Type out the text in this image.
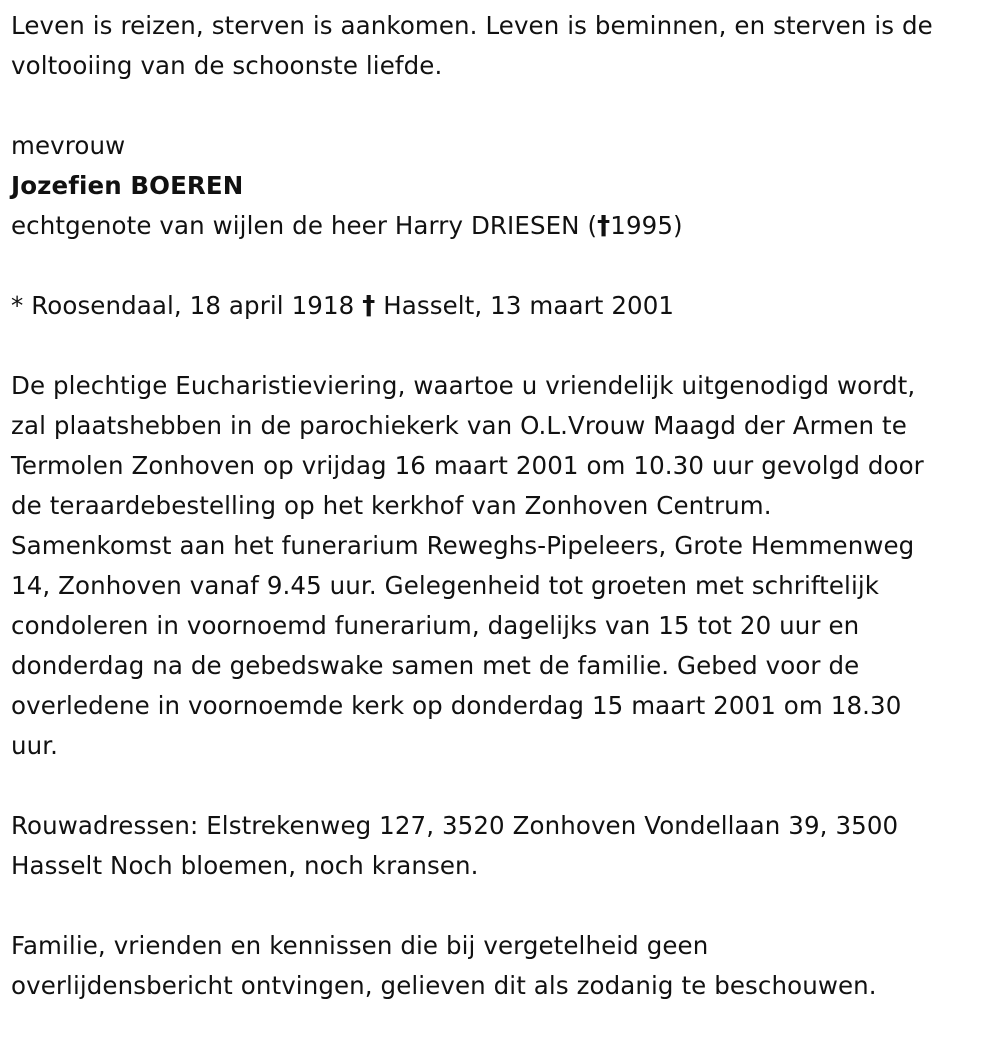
Leven is reizen, sterven is aankomen. Leven is beminnen, en sterven is de
voltooiing van de schoonste liefde.

mevrouw

Jozefien BOEREN

echtgenote van wijlen de heer Harry DRIESEN (†1995)

* Roosendaal, 18 april 1918 † Hasselt, 13 maart 2001

De plechtige Eucharistieviering, waartoe u vriendelijk uitgenodigd wordt,
zal plaatshebben in de parochiekerk van O.L.Vrouw Maagd der Armen te
Termolen Zonhoven op vrijdag 16 maart 2001 om 10.30 uur gevolgd door
de teraardebestelling op het kerkhof van Zonhoven Centrum.
Samenkomst aan het funerarium Reweghs-Pipeleers, Grote Hemmenweg
14, Zonhoven vanaf 9.45 uur. Gelegenheid tot groeten met schriftelijk
condoleren in voornoemd funerarium, dagelijks van 15 tot 20 uur en
donderdag na de gebedswake samen met de familie. Gebed voor de
overledene in voornoemde kerk op donderdag 15 maart 2001 om 18.30
uur.

Rouwadressen: Elstrekenweg 127, 3520 Zonhoven Vondellaan 39, 3500
Hasselt Noch bloemen, noch kransen.

Familie, vrienden en kennissen die bij vergetelheid geen
overlijdensbericht ontvingen, gelieven dit als zodanig te beschouwen.
